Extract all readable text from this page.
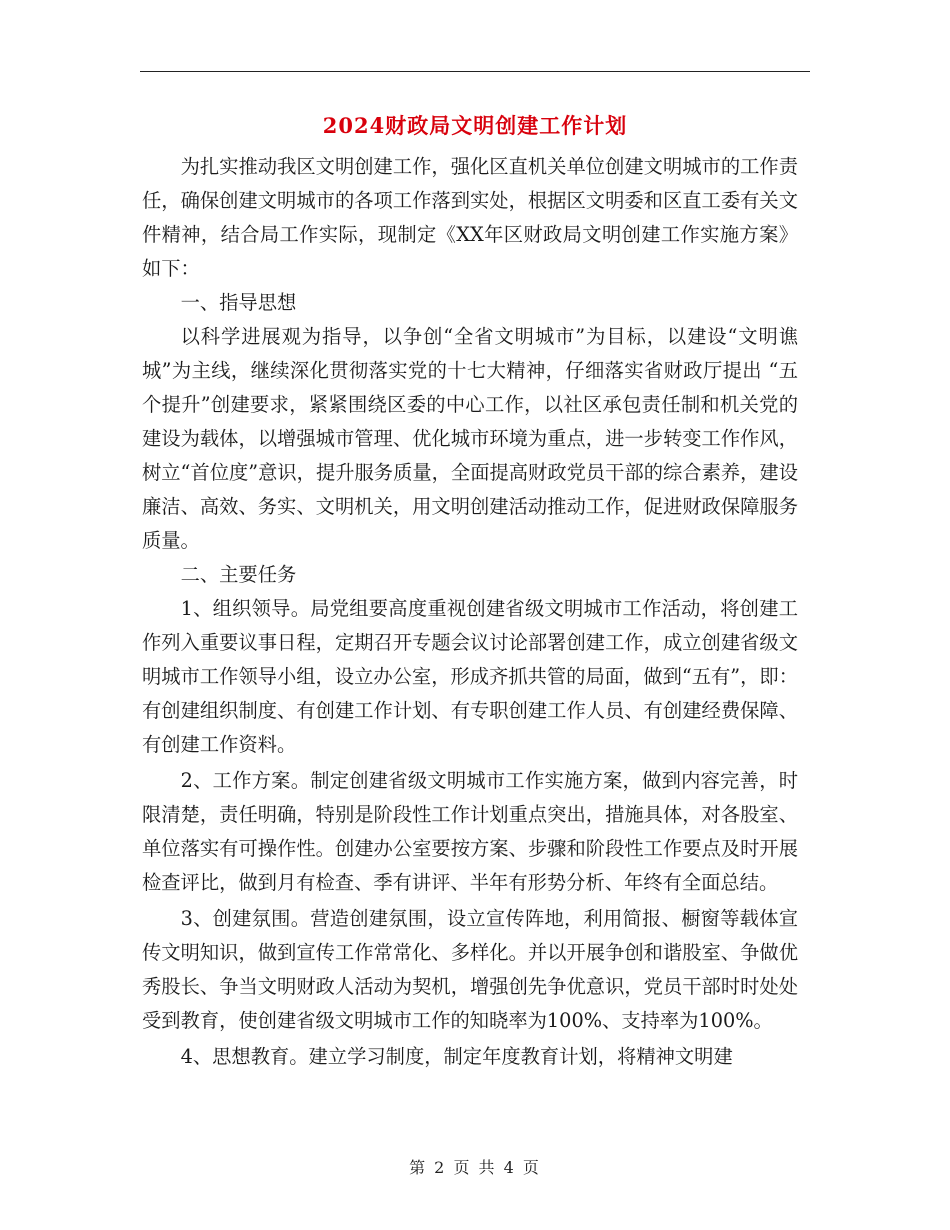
2024财政局文明创建工作计划

为扎实推动我区文明创建工作，强化区直机关单位创建文明城市的工作责任，确保创建文明城市的各项工作落到实处，根据区文明委和区直工委有关文件精神，结合局工作实际，现制定《XX年区财政局文明创建工作实施方案》如下：

一、指导思想

以科学进展观为指导，以争创“全省文明城市”为目标，以建设“文明谯城”为主线，继续深化贯彻落实党的十七大精神，仔细落实省财政厅提出 “五个提升”创建要求，紧紧围绕区委的中心工作，以社区承包责任制和机关党的建设为载体，以增强城市管理、优化城市环境为重点，进一步转变工作作风，树立“首位度”意识，提升服务质量，全面提高财政党员干部的综合素养，建设廉洁、高效、务实、文明机关，用文明创建活动推动工作，促进财政保障服务质量。

二、主要任务

1、组织领导。局党组要高度重视创建省级文明城市工作活动，将创建工作列入重要议事日程，定期召开专题会议讨论部署创建工作，成立创建省级文明城市工作领导小组，设立办公室，形成齐抓共管的局面，做到“五有”，即：有创建组织制度、有创建工作计划、有专职创建工作人员、有创建经费保障、有创建工作资料。

2、工作方案。制定创建省级文明城市工作实施方案，做到内容完善，时限清楚，责任明确，特别是阶段性工作计划重点突出，措施具体，对各股室、单位落实有可操作性。创建办公室要按方案、步骤和阶段性工作要点及时开展检查评比，做到月有检查、季有讲评、半年有形势分析、年终有全面总结。

3、创建氛围。营造创建氛围，设立宣传阵地，利用简报、橱窗等载体宣传文明知识，做到宣传工作常常化、多样化。并以开展争创和谐股室、争做优秀股长、争当文明财政人活动为契机，增强创先争优意识，党员干部时时处处受到教育，使创建省级文明城市工作的知晓率为100%、支持率为100%。

4、思想教育。建立学习制度，制定年度教育计划，将精神文明建

第 2 页 共 4 页
